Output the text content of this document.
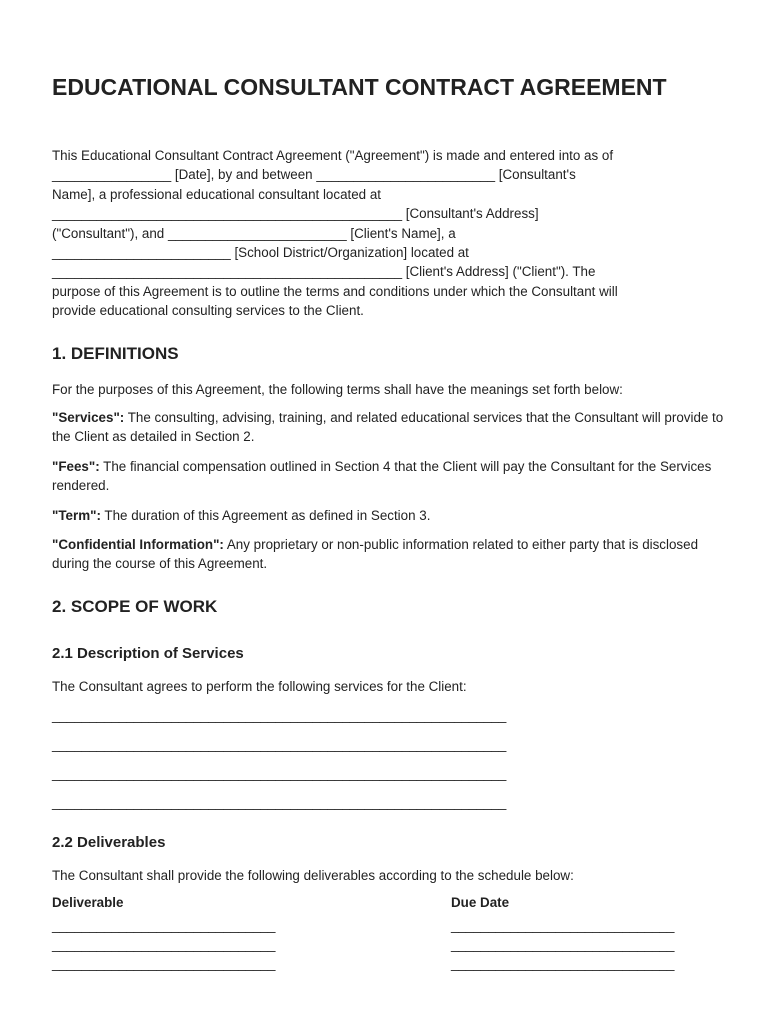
EDUCATIONAL CONSULTANT CONTRACT AGREEMENT
This Educational Consultant Contract Agreement ("Agreement") is made and entered into as of
________________ [Date], by and between ________________________ [Consultant's
Name], a professional educational consultant located at
_______________________________________________ [Consultant's Address]
("Consultant"), and ________________________ [Client's Name], a
________________________ [School District/Organization] located at
_______________________________________________ [Client's Address] ("Client"). The
purpose of this Agreement is to outline the terms and conditions under which the Consultant will
provide educational consulting services to the Client.
1. DEFINITIONS

For the purposes of this Agreement, the following terms shall have the meanings set forth below:

"Services": The consulting, advising, training, and related educational services that the Consultant will provide to the Client as detailed in Section 2.

"Fees": The financial compensation outlined in Section 4 that the Client will pay the Consultant for the Services rendered.

"Term": The duration of this Agreement as defined in Section 3.

"Confidential Information": Any proprietary or non-public information related to either party that is disclosed during the course of this Agreement.

2. SCOPE OF WORK
2.1 Description of Services

The Consultant agrees to perform the following services for the Client:

_____________________________________________________________
_____________________________________________________________
_____________________________________________________________
_____________________________________________________________
2.2 Deliverables

The Consultant shall provide the following deliverables according to the schedule below:

Deliverable	Due Date
______________________________
______________________________
______________________________
______________________________
______________________________
______________________________
